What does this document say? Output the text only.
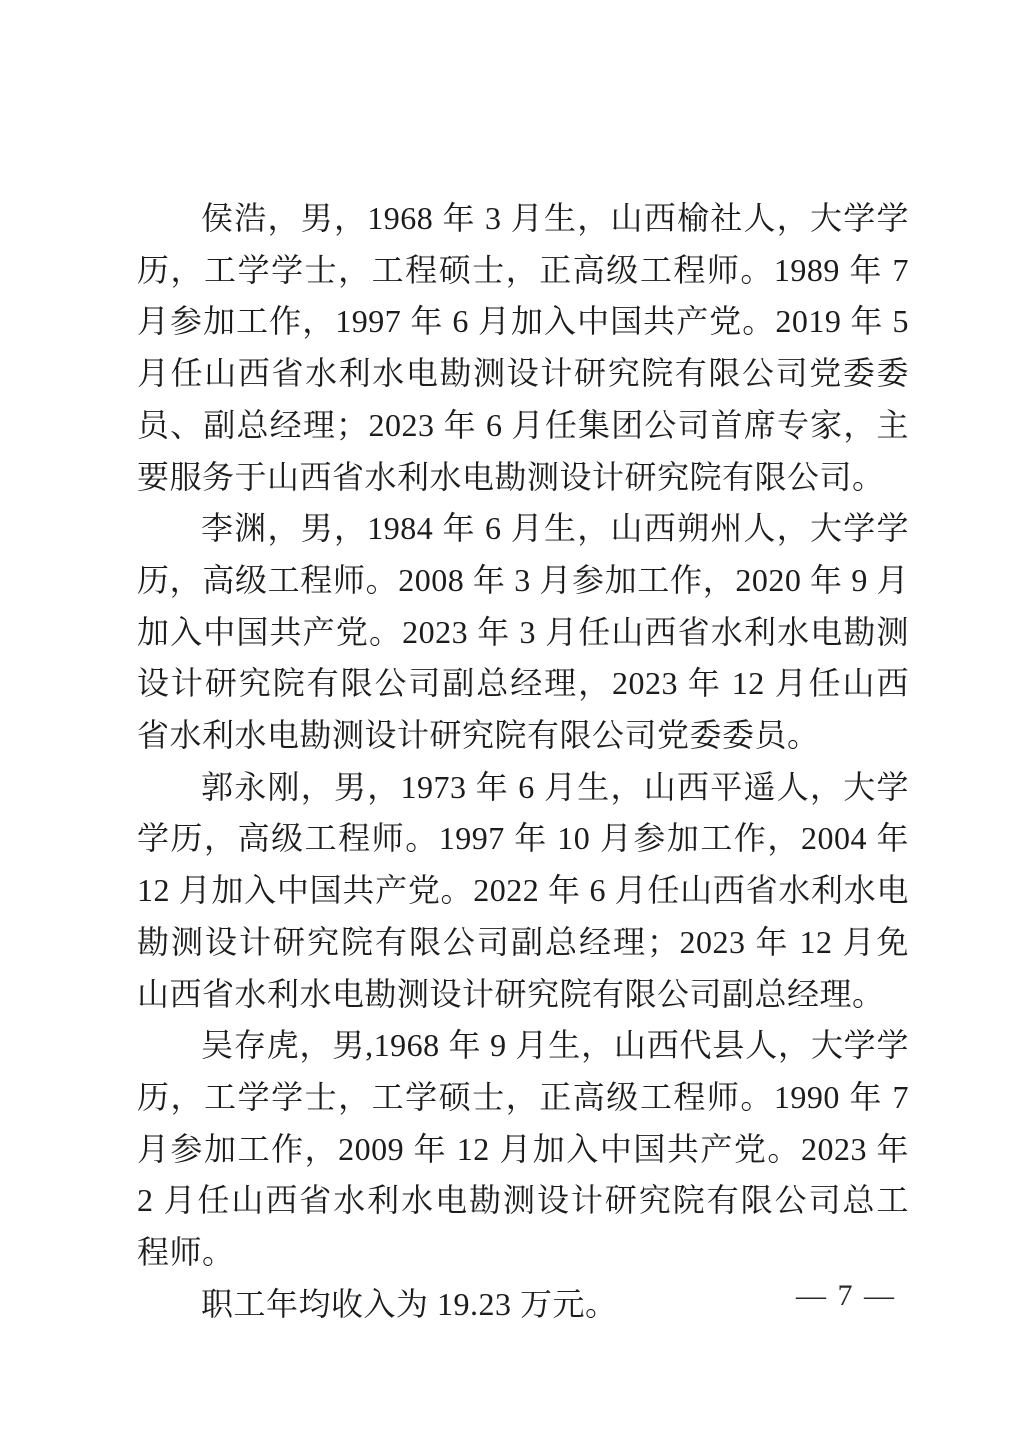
侯浩，男，1968 年 3 月生，山西榆社人，大学学历，工学学士，工程硕士，正高级工程师。1989 年 7 月参加工作，1997 年 6 月加入中国共产党。2019 年 5 月任山西省水利水电勘测设计研究院有限公司党委委员、副总经理；2023 年 6 月任集团公司首席专家，主要服务于山西省水利水电勘测设计研究院有限公司。

李渊，男，1984 年 6 月生，山西朔州人，大学学历，高级工程师。2008 年 3 月参加工作，2020 年 9 月加入中国共产党。2023 年 3 月任山西省水利水电勘测设计研究院有限公司副总经理，2023 年 12 月任山西省水利水电勘测设计研究院有限公司党委委员。

郭永刚，男，1973 年 6 月生，山西平遥人，大学学历，高级工程师。1997 年 10 月参加工作，2004 年 12 月加入中国共产党。2022 年 6 月任山西省水利水电勘测设计研究院有限公司副总经理；2023 年 12 月免山西省水利水电勘测设计研究院有限公司副总经理。

吴存虎，男,1968 年 9 月生，山西代县人，大学学历，工学学士，工学硕士，正高级工程师。1990 年 7 月参加工作，2009 年 12 月加入中国共产党。2023 年 2 月任山西省水利水电勘测设计研究院有限公司总工程师。

职工年均收入为 19.23 万元。	— 7 —
